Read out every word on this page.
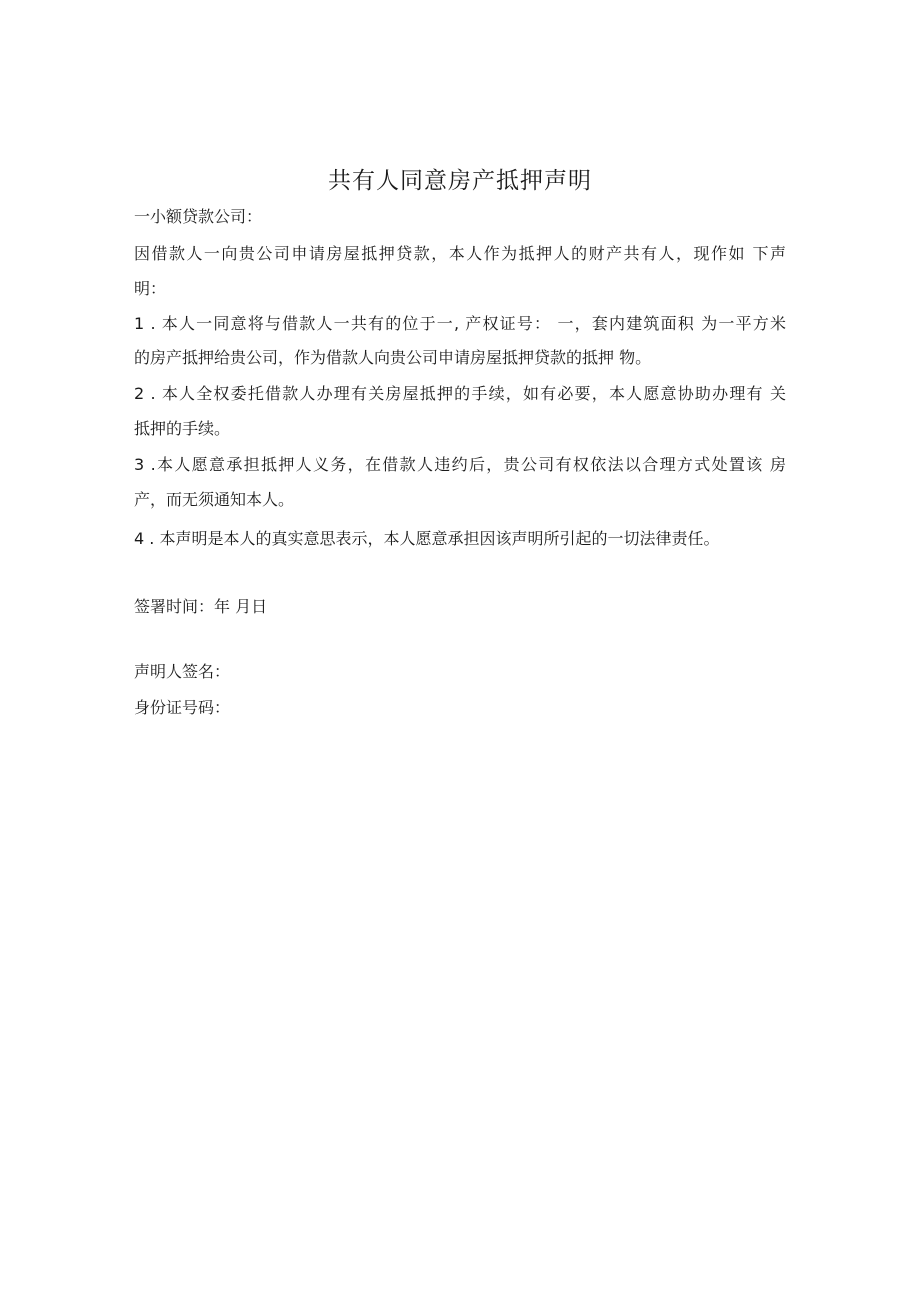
共有人同意房产抵押声明
一小额贷款公司：
因借款人一向贵公司申请房屋抵押贷款，本人作为抵押人的财产共有人，现作如 下声
明：
1 . 本人一同意将与借款人一共有的位于一, 产权证号： 一，套内建筑面积 为一平方米
的房产抵押给贵公司，作为借款人向贵公司申请房屋抵押贷款的抵押 物。
2 . 本人全权委托借款人办理有关房屋抵押的手续，如有必要，本人愿意协助办理有 关
抵押的手续。
3 .本人愿意承担抵押人义务，在借款人违约后，贵公司有权依法以合理方式处置该 房
产，而无须通知本人。
4 . 本声明是本人的真实意思表示，本人愿意承担因该声明所引起的一切法律责任。
签署时间：年 月日
声明人签名：
身份证号码：
